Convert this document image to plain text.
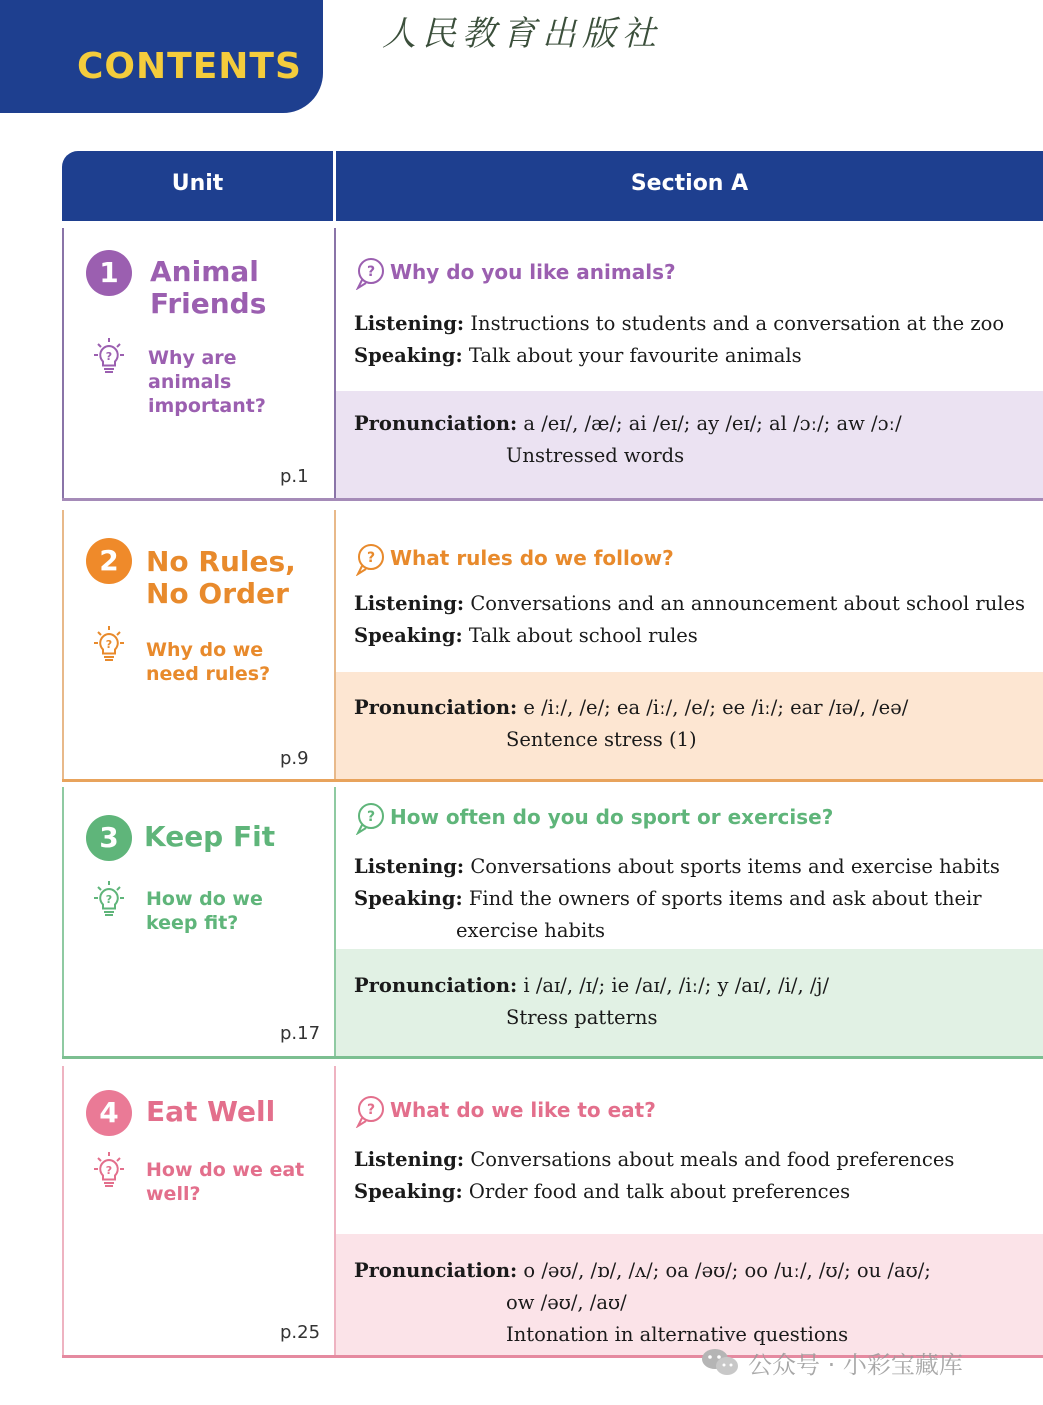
CONTENTS
人民教育出版社
Unit	Section A
1	Animal
Friends
? Why are
animals
important?
p.1
? Why do you like animals?
Listening: Instructions to students and a conversation at the zoo
Speaking: Talk about your favourite animals
Pronunciation: a /eɪ/, /æ/; ai /eɪ/; ay /eɪ/; al /ɔː/; aw /ɔː/
Unstressed words
2 No Rules,
No Order
? Why do we
need rules?
p.9
? What rules do we follow?
Listening: Conversations and an announcement about school rules
Speaking: Talk about school rules
Pronunciation: e /iː/, /e/; ea /iː/, /e/; ee /iː/; ear /ɪə/, /eə/
Sentence stress (1)
3 Keep Fit
? How do we
keep fit?
p.17
? How often do you do sport or exercise?
Listening: Conversations about sports items and exercise habits
Speaking: Find the owners of sports items and ask about their
exercise habits
Pronunciation: i /aɪ/, /ɪ/; ie /aɪ/, /iː/; y /aɪ/, /i/, /j/
Stress patterns
4 Eat Well
? How do we eat
well?
p.25
? What do we like to eat?
Listening: Conversations about meals and food preferences
Speaking: Order food and talk about preferences
Pronunciation: o /əʊ/, /ɒ/, /ʌ/; oa /əʊ/; oo /uː/, /ʊ/; ou /aʊ/;
ow /əʊ/, /aʊ/
Intonation in alternative questions
公众号 · 小彩宝藏库
